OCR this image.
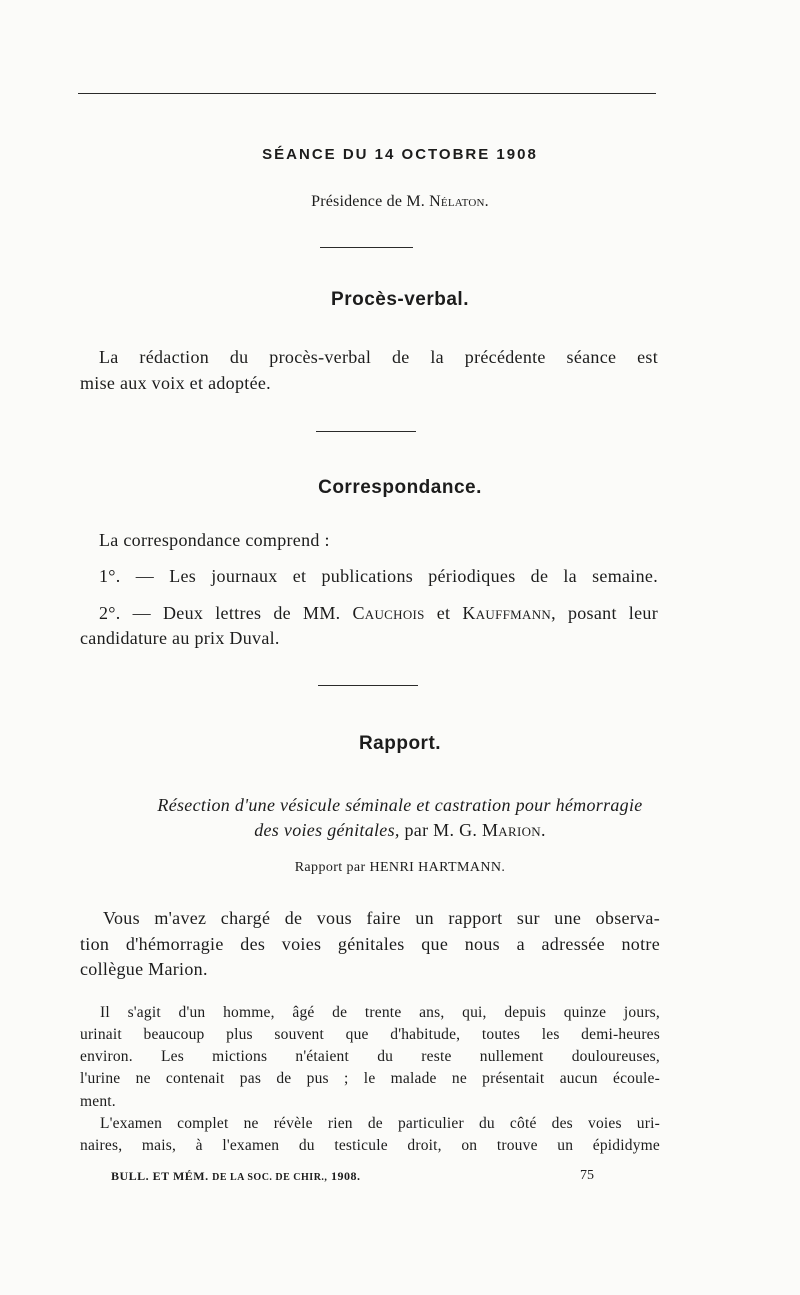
SÉANCE DU 14 OCTOBRE 1908
Présidence de M. Nélaton.
Procès-verbal.
La rédaction du procès-verbal de la précédente séance est
mise aux voix et adoptée.
Correspondance.
La correspondance comprend :
1°. — Les journaux et publications périodiques de la semaine.
2°. — Deux lettres de MM. Cauchois et Kauffmann, posant leur
candidature au prix Duval.
Rapport.
Résection d'une vésicule séminale et castration pour hémorragie
des voies génitales, par M. G. Marion.
Rapport par HENRI HARTMANN.
Vous m'avez chargé de vous faire un rapport sur une observa-
tion d'hémorragie des voies génitales que nous a adressée notre
collègue Marion.
Il s'agit d'un homme, âgé de trente ans, qui, depuis quinze jours,
urinait beaucoup plus souvent que d'habitude, toutes les demi-heures
environ. Les mictions n'étaient du reste nullement douloureuses,
l'urine ne contenait pas de pus ; le malade ne présentait aucun écoule-
ment.
L'examen complet ne révèle rien de particulier du côté des voies uri-
naires, mais, à l'examen du testicule droit, on trouve un épididyme
BULL. ET MÉM. DE LA SOC. DE CHIR., 1908.	75
